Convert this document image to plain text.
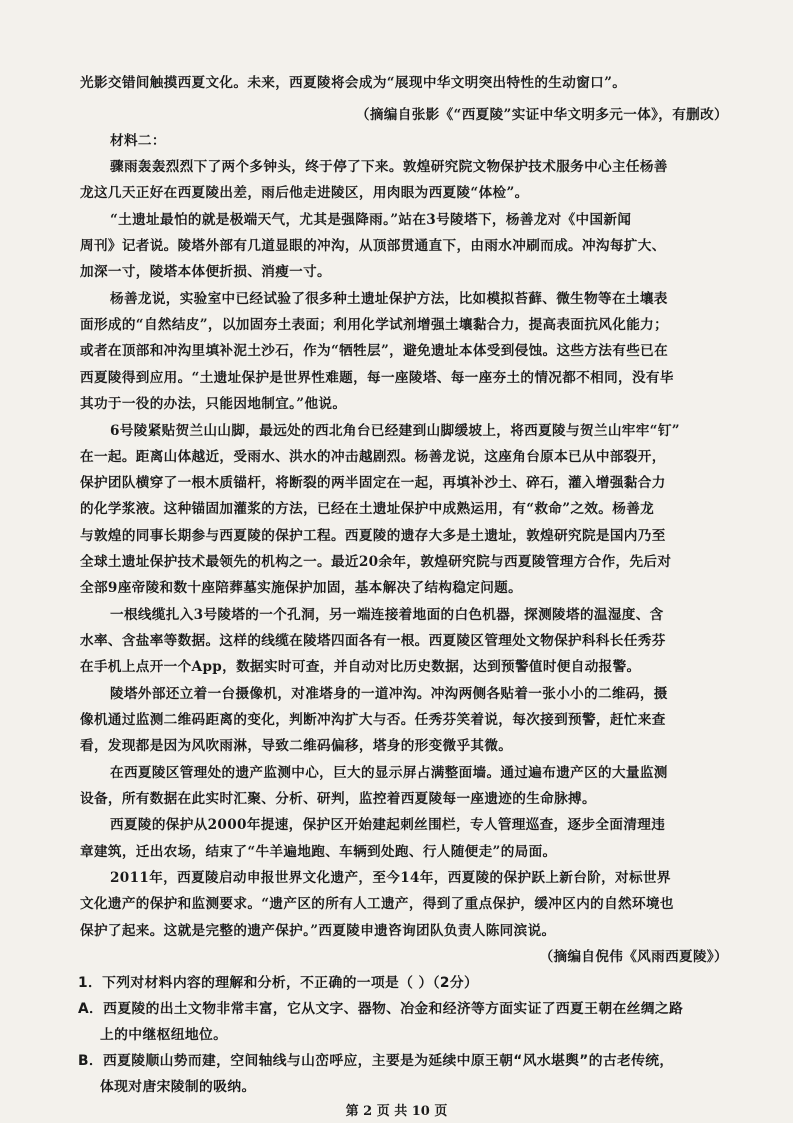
光影交错间触摸西夏文化。未来，西夏陵将会成为“展现中华文明突出特性的生动窗口”。
（摘编自张影《“西夏陵”实证中华文明多元一体》，有删改）
材料二：
骤雨轰轰烈烈下了两个多钟头，终于停了下来。敦煌研究院文物保护技术服务中心主任杨善
龙这几天正好在西夏陵出差，雨后他走进陵区，用肉眼为西夏陵“体检”。
“土遗址最怕的就是极端天气，尤其是强降雨。”站在3号陵塔下，杨善龙对《中国新闻
周刊》记者说。陵塔外部有几道显眼的冲沟，从顶部贯通直下，由雨水冲刷而成。冲沟每扩大、
加深一寸，陵塔本体便折损、消瘦一寸。
杨善龙说，实验室中已经试验了很多种土遗址保护方法，比如模拟苔藓、微生物等在土壤表
面形成的“自然结皮”，以加固夯土表面；利用化学试剂增强土壤黏合力，提高表面抗风化能力；
或者在顶部和冲沟里填补泥土沙石，作为“牺牲层”，避免遗址本体受到侵蚀。这些方法有些已在
西夏陵得到应用。“土遗址保护是世界性难题，每一座陵塔、每一座夯土的情况都不相同，没有毕
其功于一役的办法，只能因地制宜。”他说。
6号陵紧贴贺兰山山脚，最远处的西北角台已经建到山脚缓坡上，将西夏陵与贺兰山牢牢“钉”
在一起。距离山体越近，受雨水、洪水的冲击越剧烈。杨善龙说，这座角台原本已从中部裂开，
保护团队横穿了一根木质锚杆，将断裂的两半固定在一起，再填补沙土、碎石，灌入增强黏合力
的化学浆液。这种锚固加灌浆的方法，已经在土遗址保护中成熟运用，有“救命”之效。杨善龙
与敦煌的同事长期参与西夏陵的保护工程。西夏陵的遗存大多是土遗址，敦煌研究院是国内乃至
全球土遗址保护技术最领先的机构之一。最近20余年，敦煌研究院与西夏陵管理方合作，先后对
全部9座帝陵和数十座陪葬墓实施保护加固，基本解决了结构稳定问题。
一根线缆扎入3号陵塔的一个孔洞，另一端连接着地面的白色机器，探测陵塔的温湿度、含
水率、含盐率等数据。这样的线缆在陵塔四面各有一根。西夏陵区管理处文物保护科科长任秀芬
在手机上点开一个App，数据实时可查，并自动对比历史数据，达到预警值时便自动报警。
陵塔外部还立着一台摄像机，对准塔身的一道冲沟。冲沟两侧各贴着一张小小的二维码，摄
像机通过监测二维码距离的变化，判断冲沟扩大与否。任秀芬笑着说，每次接到预警，赶忙来查
看，发现都是因为风吹雨淋，导致二维码偏移，塔身的形变微乎其微。
在西夏陵区管理处的遗产监测中心，巨大的显示屏占满整面墙。通过遍布遗产区的大量监测
设备，所有数据在此实时汇聚、分析、研判，监控着西夏陵每一座遗迹的生命脉搏。
西夏陵的保护从2000年提速，保护区开始建起刺丝围栏，专人管理巡查，逐步全面清理违
章建筑，迁出农场，结束了“牛羊遍地跑、车辆到处跑、行人随便走”的局面。
2011年，西夏陵启动申报世界文化遗产，至今14年，西夏陵的保护跃上新台阶，对标世界
文化遗产的保护和监测要求。“遗产区的所有人工遗产，得到了重点保护，缓冲区内的自然环境也
保护了起来。这就是完整的遗产保护。”西夏陵申遗咨询团队负责人陈同滨说。
（摘编自倪伟《风雨西夏陵》）
1．下列对材料内容的理解和分析，不正确的一项是（ ）（2分）
A．西夏陵的出土文物非常丰富，它从文字、器物、冶金和经济等方面实证了西夏王朝在丝绸之路
上的中继枢纽地位。
B．西夏陵顺山势而建，空间轴线与山峦呼应，主要是为延续中原王朝“风水堪舆”的古老传统，
体现对唐宋陵制的吸纳。
第 2 页 共 10 页
